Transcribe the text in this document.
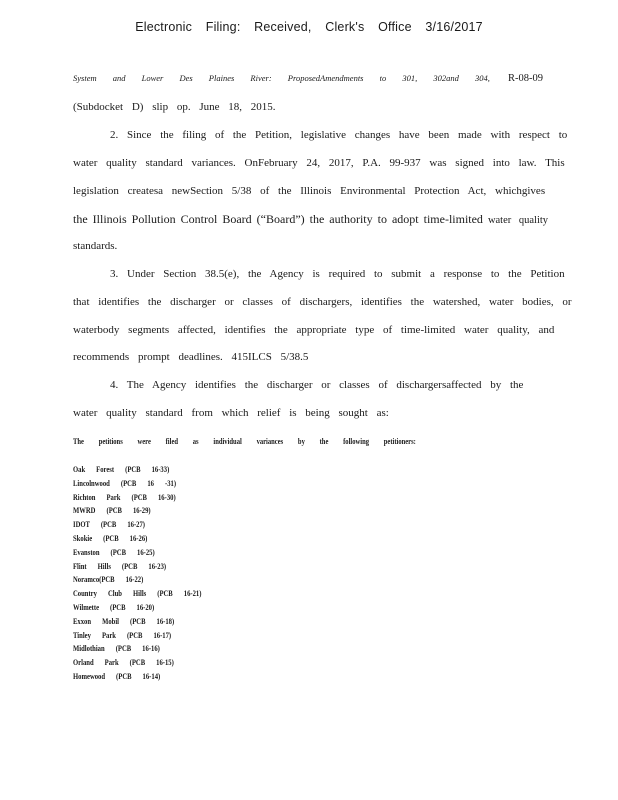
Electronic Filing: Received, Clerk's Office 3/16/2017
System and Lower Des Plaines River: ProposedAmendments to 301, 302and 304, R-08-09
(Subdocket D) slip op. June 18, 2015.
2. Since the filing of the Petition, legislative changes have been made with respect to
water quality standard variances. OnFebruary 24, 2017, P.A. 99-937 was signed into law. This
legislation createsa newSection 5/38 of the Illinois Environmental Protection Act, whichgives
the Illinois Pollution Control Board (“Board”) the authority to adopt time-limited water quality
standards.
3. Under Section 38.5(e), the Agency is required to submit a response to the Petition
that identifies the discharger or classes of dischargers, identifies the watershed, water bodies, or
waterbody segments affected, identifies the appropriate type of time-limited water quality, and
recommends prompt deadlines. 415ILCS 5/38.5
4. The Agency identifies the discharger or classes of dischargersaffected by the
water quality standard from which relief is being sought as:
The petitions were filed as individual variances by the following petitioners:
Oak Forest (PCB 16-33)
Lincolnwood (PCB 16 -31)
Richton Park (PCB 16-30)
MWRD (PCB 16-29)
IDOT (PCB 16-27)
Skokie (PCB 16-26)
Evanston (PCB 16-25)
Flint Hills (PCB 16-23)
Noramco(PCB 16-22)
Country Club Hills (PCB 16-21)
Wilmette (PCB 16-20)
Exxon Mobil (PCB 16-18)
Tinley Park (PCB 16-17)
Midlothian (PCB 16-16)
Orland Park (PCB 16-15)
Homewood (PCB 16-14)
